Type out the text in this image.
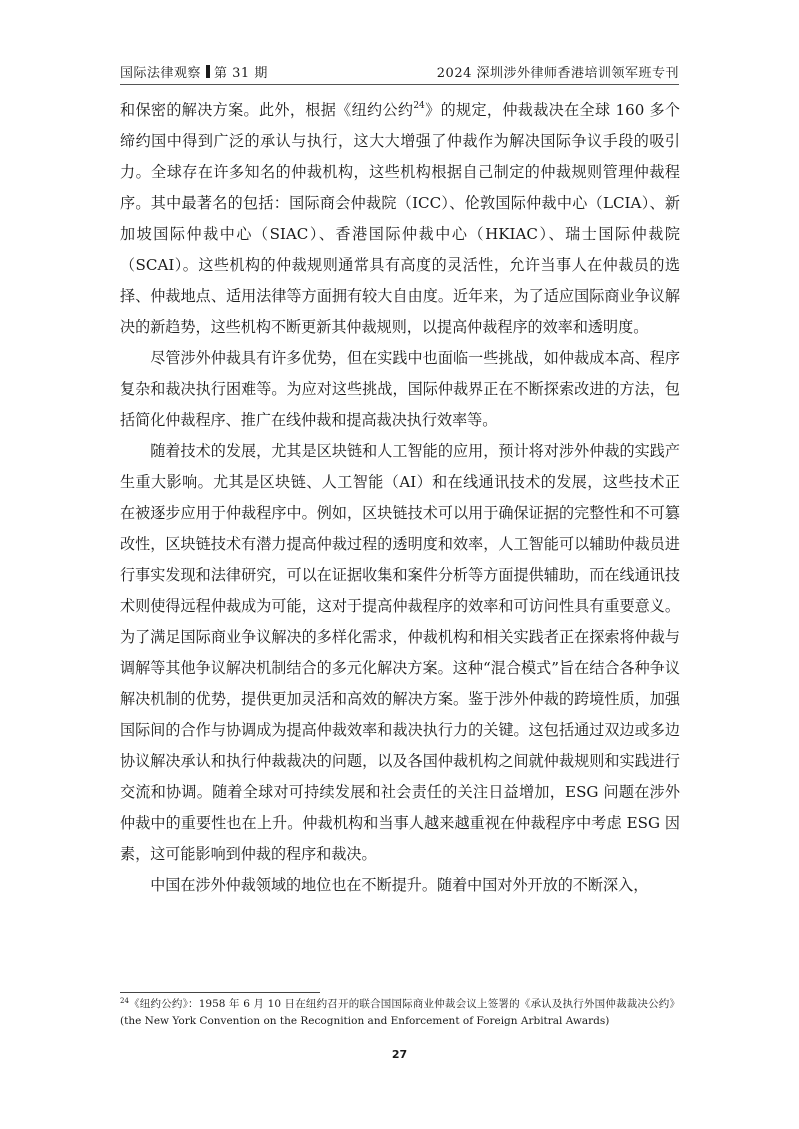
国际法律观察 第 31 期	2024 深圳涉外律师香港培训领军班专刊

和保密的解决方案。此外，根据《纽约公约$^{24}$》的规定，仲裁裁决在全球 160 多个缔约国中得到广泛的承认与执行，这大大增强了仲裁作为解决国际争议手段的吸引力。全球存在许多知名的仲裁机构，这些机构根据自己制定的仲裁规则管理仲裁程序。其中最著名的包括：国际商会仲裁院（ICC）、伦敦国际仲裁中心（LCIA）、新加坡国际仲裁中心（SIAC）、香港国际仲裁中心（HKIAC）、瑞士国际仲裁院（SCAI）。这些机构的仲裁规则通常具有高度的灵活性，允许当事人在仲裁员的选择、仲裁地点、适用法律等方面拥有较大自由度。近年来，为了适应国际商业争议解决的新趋势，这些机构不断更新其仲裁规则，以提高仲裁程序的效率和透明度。

尽管涉外仲裁具有许多优势，但在实践中也面临一些挑战，如仲裁成本高、程序复杂和裁决执行困难等。为应对这些挑战，国际仲裁界正在不断探索改进的方法，包括简化仲裁程序、推广在线仲裁和提高裁决执行效率等。

随着技术的发展，尤其是区块链和人工智能的应用，预计将对涉外仲裁的实践产生重大影响。尤其是区块链、人工智能（AI）和在线通讯技术的发展，这些技术正在被逐步应用于仲裁程序中。例如，区块链技术可以用于确保证据的完整性和不可篡改性，区块链技术有潜力提高仲裁过程的透明度和效率，人工智能可以辅助仲裁员进行事实发现和法律研究，可以在证据收集和案件分析等方面提供辅助，而在线通讯技术则使得远程仲裁成为可能，这对于提高仲裁程序的效率和可访问性具有重要意义。为了满足国际商业争议解决的多样化需求，仲裁机构和相关实践者正在探索将仲裁与调解等其他争议解决机制结合的多元化解决方案。这种“混合模式”旨在结合各种争议解决机制的优势，提供更加灵活和高效的解决方案。鉴于涉外仲裁的跨境性质，加强国际间的合作与协调成为提高仲裁效率和裁决执行力的关键。这包括通过双边或多边协议解决承认和执行仲裁裁决的问题，以及各国仲裁机构之间就仲裁规则和实践进行交流和协调。随着全球对可持续发展和社会责任的关注日益增加，ESG 问题在涉外仲裁中的重要性也在上升。仲裁机构和当事人越来越重视在仲裁程序中考虑 ESG 因素，这可能影响到仲裁的程序和裁决。

中国在涉外仲裁领域的地位也在不断提升。随着中国对外开放的不断深入，

$^{24}$《纽约公约》：1958 年 6 月 10 日在纽约召开的联合国国际商业仲裁会议上签署的《承认及执行外国仲裁裁决公约》 (the New York Convention on the Recognition and Enforcement of Foreign Arbitral Awards)
27
